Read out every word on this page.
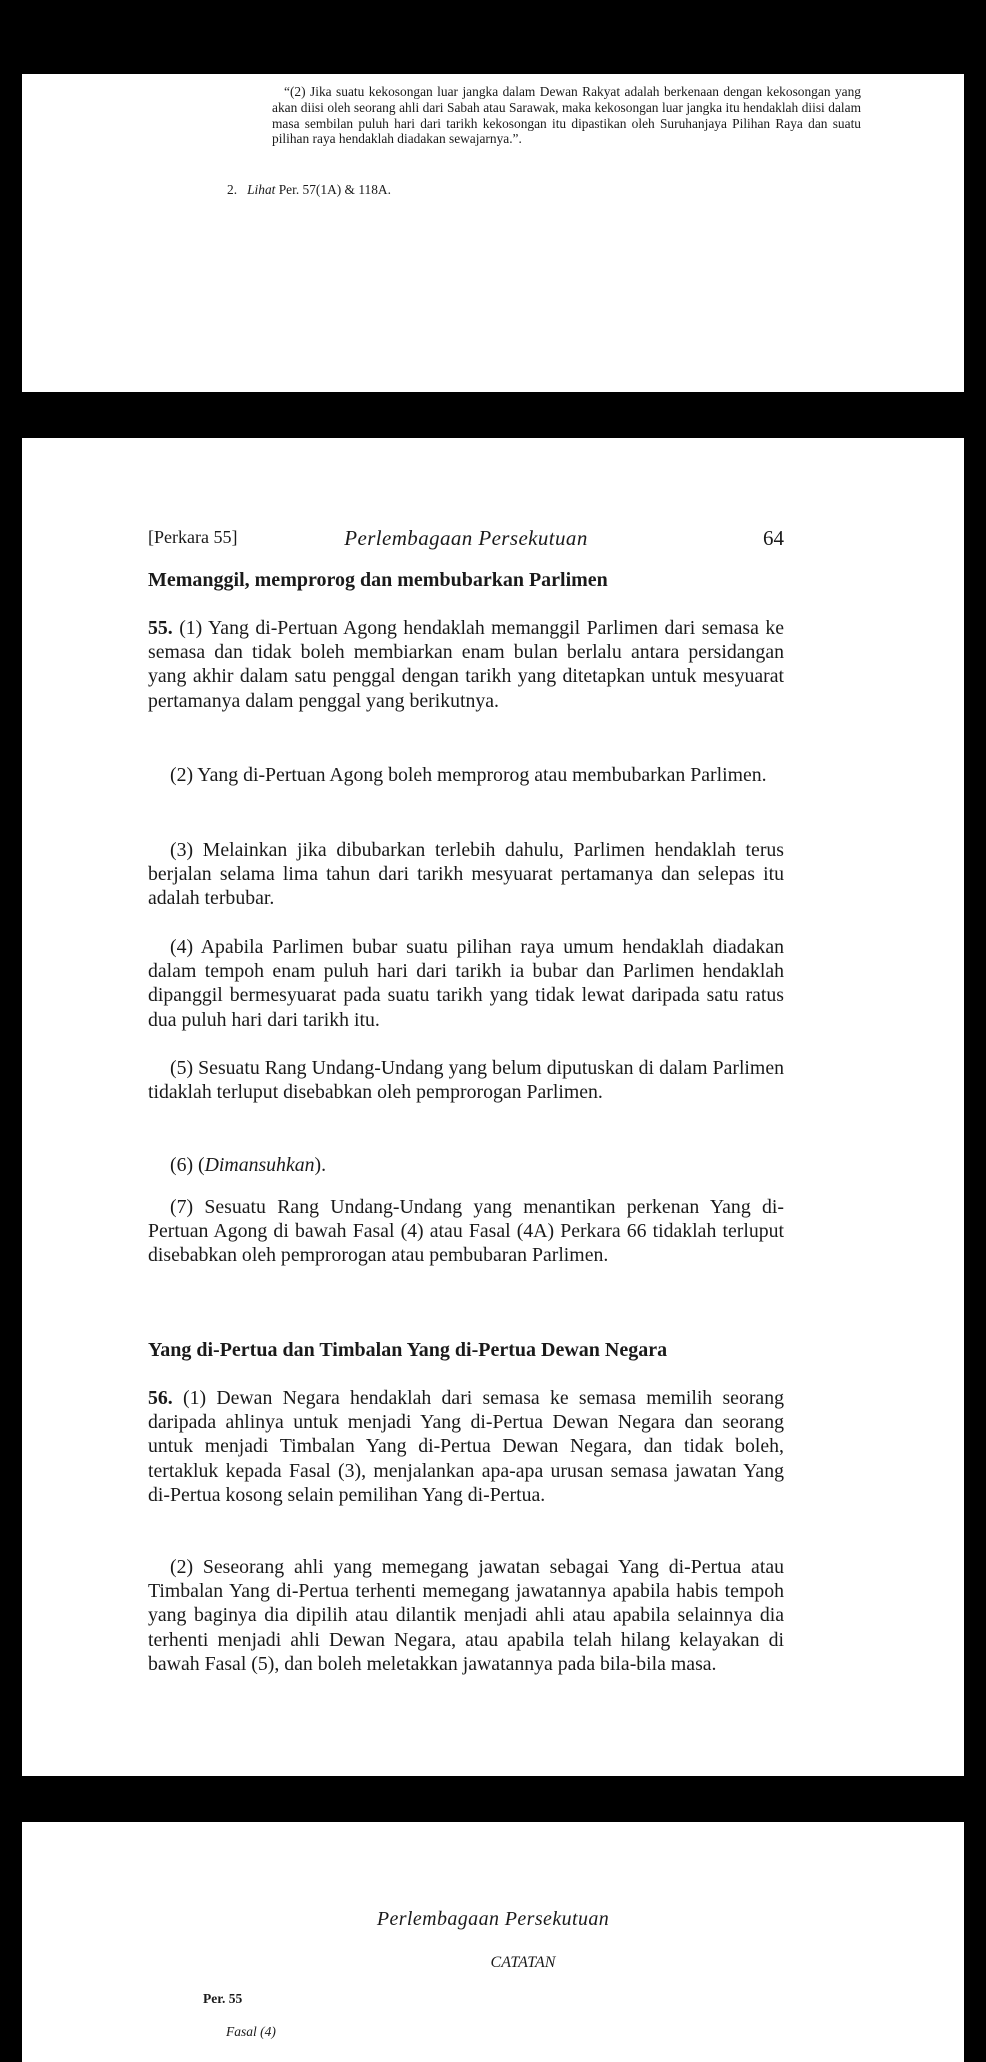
“(2) Jika suatu kekosongan luar jangka dalam Dewan Rakyat adalah berkenaan dengan kekosongan yang akan diisi oleh seorang ahli dari Sabah atau Sarawak, maka kekosongan luar jangka itu hendaklah diisi dalam masa sembilan puluh hari dari tarikh kekosongan itu dipastikan oleh Suruhanjaya Pilihan Raya dan suatu pilihan raya hendaklah diadakan sewajarnya.”.
2. Lihat Per. 57(1A) & 118A.
[Perkara 55]	Perlembagaan Persekutuan	64
Memanggil, memprorog dan membubarkan Parlimen

55. (1) Yang di-Pertuan Agong hendaklah memanggil Parlimen dari semasa ke semasa dan tidak boleh membiarkan enam bulan berlalu antara persidangan yang akhir dalam satu penggal dengan tarikh yang ditetapkan untuk mesyuarat pertamanya dalam penggal yang berikutnya.

(2) Yang di-Pertuan Agong boleh memprorog atau membubarkan Parlimen.

(3) Melainkan jika dibubarkan terlebih dahulu, Parlimen hendaklah terus berjalan selama lima tahun dari tarikh mesyuarat pertamanya dan selepas itu adalah terbubar.

(4) Apabila Parlimen bubar suatu pilihan raya umum hendaklah diadakan dalam tempoh enam puluh hari dari tarikh ia bubar dan Parlimen hendaklah dipanggil bermesyuarat pada suatu tarikh yang tidak lewat daripada satu ratus dua puluh hari dari tarikh itu.

(5) Sesuatu Rang Undang-Undang yang belum diputuskan di dalam Parlimen tidaklah terluput disebabkan oleh pemprorogan Parlimen.

(6) (Dimansuhkan).

(7) Sesuatu Rang Undang-Undang yang menantikan perkenan Yang di-Pertuan Agong di bawah Fasal (4) atau Fasal (4A) Perkara 66 tidaklah terluput disebabkan oleh pemprorogan atau pembubaran Parlimen.

Yang di-Pertua dan Timbalan Yang di-Pertua Dewan Negara

56. (1) Dewan Negara hendaklah dari semasa ke semasa memilih seorang daripada ahlinya untuk menjadi Yang di-Pertua Dewan Negara dan seorang untuk menjadi Timbalan Yang di-Pertua Dewan Negara, dan tidak boleh, tertakluk kepada Fasal (3), menjalankan apa-apa urusan semasa jawatan Yang di-Pertua kosong selain pemilihan Yang di-Pertua.

(2) Seseorang ahli yang memegang jawatan sebagai Yang di-Pertua atau Timbalan Yang di-Pertua terhenti memegang jawatannya apabila habis tempoh yang baginya dia dipilih atau dilantik menjadi ahli atau apabila selainnya dia terhenti menjadi ahli Dewan Negara, atau apabila telah hilang kelayakan di bawah Fasal (5), dan boleh meletakkan jawatannya pada bila-bila masa.

Perlembagaan Persekutuan
CATATAN
Per. 55
Fasal (4)
